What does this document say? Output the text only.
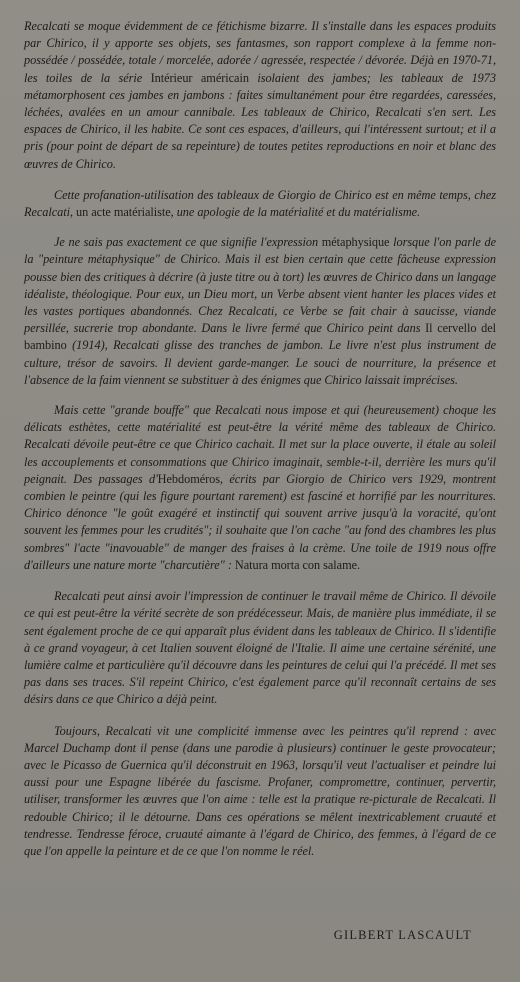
Recalcati se moque évidemment de ce fétichisme bizarre. Il s'installe dans les espaces produits par Chirico, il y apporte ses objets, ses fantasmes, son rapport complexe à la femme non-possédée / possédée, totale / morcelée, adorée / agressée, respectée / dévorée. Déjà en 1970-71, les toiles de la série Intérieur américain isolaient des jambes; les tableaux de 1973 métamorphosent ces jambes en jambons : faites simultanément pour être regardées, caressées, léchées, avalées en un amour cannibale. Les tableaux de Chirico, Recalcati s'en sert. Les espaces de Chirico, il les habite. Ce sont ces espaces, d'ailleurs, qui l'intéressent surtout; et il a pris (pour point de départ de sa repeinture) de toutes petites reproductions en noir et blanc des œuvres de Chirico.

Cette profanation-utilisation des tableaux de Giorgio de Chirico est en même temps, chez Recalcati, un acte matérialiste, une apologie de la matérialité et du matérialisme.

Je ne sais pas exactement ce que signifie l'expression métaphysique lorsque l'on parle de la "peinture métaphysique" de Chirico. Mais il est bien certain que cette fâcheuse expression pousse bien des critiques à décrire (à juste titre ou à tort) les œuvres de Chirico dans un langage idéaliste, théologique. Pour eux, un Dieu mort, un Verbe absent vient hanter les places vides et les vastes portiques abandonnés. Chez Recalcati, ce Verbe se fait chair à saucisse, viande persillée, sucrerie trop abondante. Dans le livre fermé que Chirico peint dans Il cervello del bambino (1914), Recalcati glisse des tranches de jambon. Le livre n'est plus instrument de culture, trésor de savoirs. Il devient garde-manger. Le souci de nourriture, la présence et l'absence de la faim viennent se substituer à des énigmes que Chirico laissait imprécises.

Mais cette "grande bouffe" que Recalcati nous impose et qui (heureusement) choque les délicats esthètes, cette matérialité est peut-être la vérité même des tableaux de Chirico. Recalcati dévoile peut-être ce que Chirico cachait. Il met sur la place ouverte, il étale au soleil les accouplements et consommations que Chirico imaginait, semble-t-il, derrière les murs qu'il peignait. Des passages d'Hebdoméros, écrits par Giorgio de Chirico vers 1929, montrent combien le peintre (qui les figure pourtant rarement) est fasciné et horrifié par les nourritures. Chirico dénonce "le goût exagéré et instinctif qui souvent arrive jusqu'à la voracité, qu'ont souvent les femmes pour les crudités"; il souhaite que l'on cache "au fond des chambres les plus sombres" l'acte "inavouable" de manger des fraises à la crème. Une toile de 1919 nous offre d'ailleurs une nature morte "charcutière" : Natura morta con salame.

Recalcati peut ainsi avoir l'impression de continuer le travail même de Chirico. Il dévoile ce qui est peut-être la vérité secrète de son prédécesseur. Mais, de manière plus immédiate, il se sent également proche de ce qui apparaît plus évident dans les tableaux de Chirico. Il s'identifie à ce grand voyageur, à cet Italien souvent éloigné de l'Italie. Il aime une certaine sérénité, une lumière calme et particulière qu'il découvre dans les peintures de celui qui l'a précédé. Il met ses pas dans ses traces. S'il repeint Chirico, c'est également parce qu'il reconnaît certains de ses désirs dans ce que Chirico a déjà peint.

Toujours, Recalcati vit une complicité immense avec les peintres qu'il reprend : avec Marcel Duchamp dont il pense (dans une parodie à plusieurs) continuer le geste provocateur; avec le Picasso de Guernica qu'il déconstruit en 1963, lorsqu'il veut l'actualiser et peindre lui aussi pour une Espagne libérée du fascisme. Profaner, compromettre, continuer, pervertir, utiliser, transformer les œuvres que l'on aime : telle est la pratique re-picturale de Recalcati. Il redouble Chirico; il le détourne. Dans ces opérations se mêlent inextricablement cruauté et tendresse. Tendresse féroce, cruauté aimante à l'égard de Chirico, des femmes, à l'égard de ce que l'on appelle la peinture et de ce que l'on nomme le réel.

GILBERT LASCAULT
